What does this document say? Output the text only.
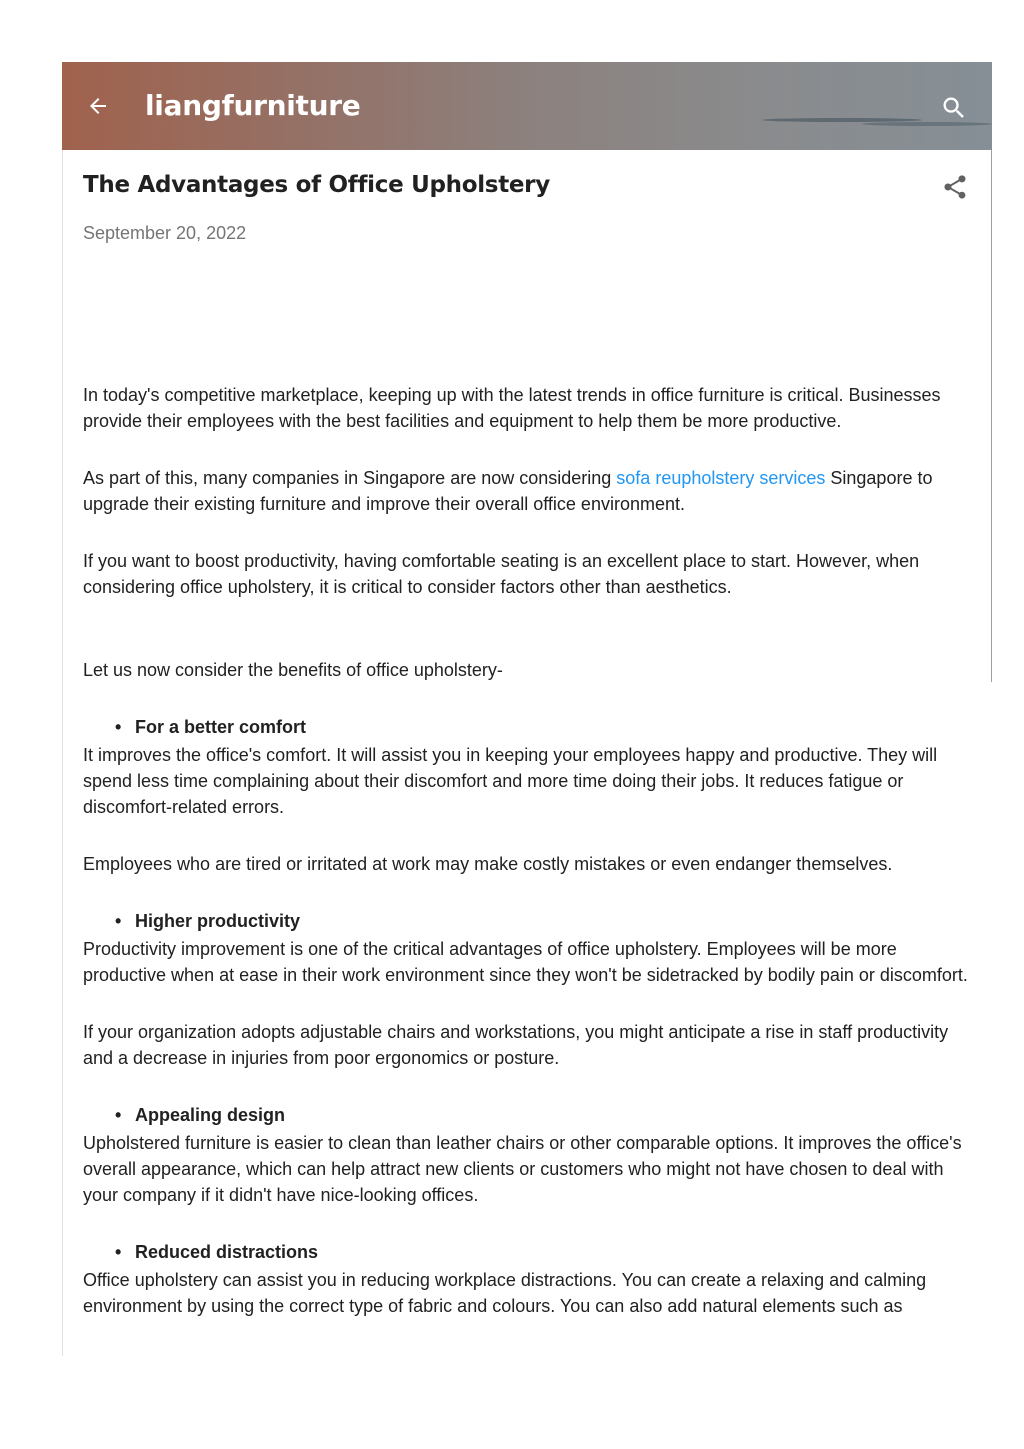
liangfurniture
The Advantages of Office Upholstery
September 20, 2022

In today's competitive marketplace, keeping up with the latest trends in office furniture is critical. Businesses provide their employees with the best facilities and equipment to help them be more productive.

As part of this, many companies in Singapore are now considering sofa reupholstery services Singapore to upgrade their existing furniture and improve their overall office environment.

If you want to boost productivity, having comfortable seating is an excellent place to start. However, when considering office upholstery, it is critical to consider factors other than aesthetics.

Let us now consider the benefits of office upholstery-

• For a better comfort

It improves the office's comfort. It will assist you in keeping your employees happy and productive. They will spend less time complaining about their discomfort and more time doing their jobs. It reduces fatigue or discomfort-related errors.

Employees who are tired or irritated at work may make costly mistakes or even endanger themselves.

• Higher productivity

Productivity improvement is one of the critical advantages of office upholstery. Employees will be more productive when at ease in their work environment since they won't be sidetracked by bodily pain or discomfort.

If your organization adopts adjustable chairs and workstations, you might anticipate a rise in staff productivity and a decrease in injuries from poor ergonomics or posture.

• Appealing design

Upholstered furniture is easier to clean than leather chairs or other comparable options. It improves the office's overall appearance, which can help attract new clients or customers who might not have chosen to deal with your company if it didn't have nice-looking offices.

• Reduced distractions

Office upholstery can assist you in reducing workplace distractions. You can create a relaxing and calming environment by using the correct type of fabric and colours. You can also add natural elements such as
